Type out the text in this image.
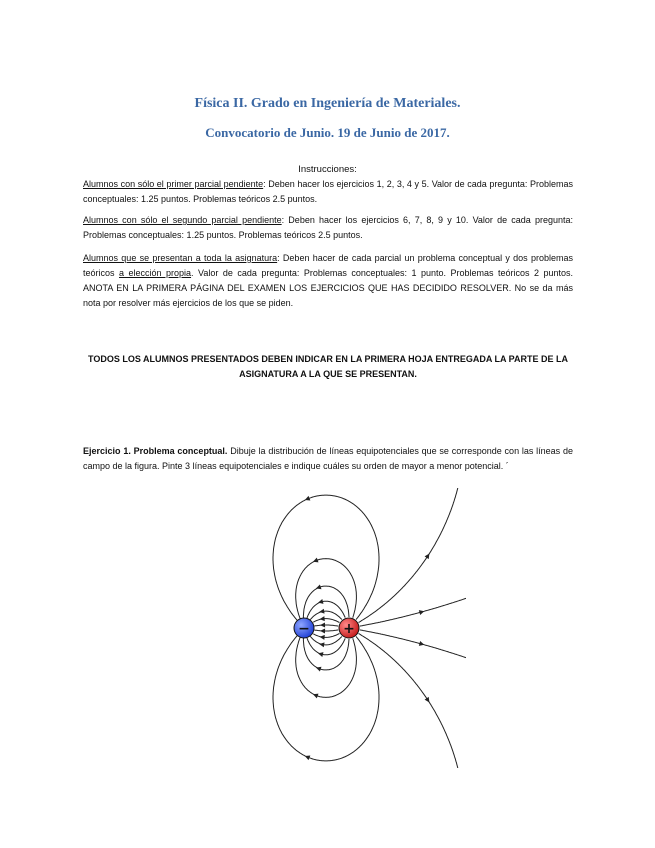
Física II. Grado en Ingeniería de Materiales.
Convocatorio de Junio. 19 de Junio de 2017.
Instrucciones:
Alumnos con sólo el primer parcial pendiente: Deben hacer los ejercicios 1, 2, 3, 4 y 5. Valor de cada pregunta: Problemas conceptuales: 1.25 puntos. Problemas teóricos 2.5 puntos.
Alumnos con sólo el segundo parcial pendiente: Deben hacer los ejercicios 6, 7, 8, 9 y 10. Valor de cada pregunta: Problemas conceptuales: 1.25 puntos. Problemas teóricos 2.5 puntos.
Alumnos que se presentan a toda la asignatura: Deben hacer de cada parcial un problema conceptual y dos problemas teóricos a elección propia. Valor de cada pregunta: Problemas conceptuales: 1 punto. Problemas teóricos 2 puntos. ANOTA EN LA PRIMERA PÁGINA DEL EXAMEN LOS EJERCICIOS QUE HAS DECIDIDO RESOLVER. No se da más nota por resolver más ejercicios de los que se piden.
TODOS LOS ALUMNOS PRESENTADOS DEBEN INDICAR EN LA PRIMERA HOJA ENTREGADA LA PARTE DE LA ASIGNATURA A LA QUE SE PRESENTAN.
Ejercicio 1. Problema conceptual. Dibuje la distribución de líneas equipotenciales que se corresponde con las líneas de campo de la figura. Pinte 3 líneas equipotenciales e indique cuáles su orden de mayor a menor potencial. ´
− +
